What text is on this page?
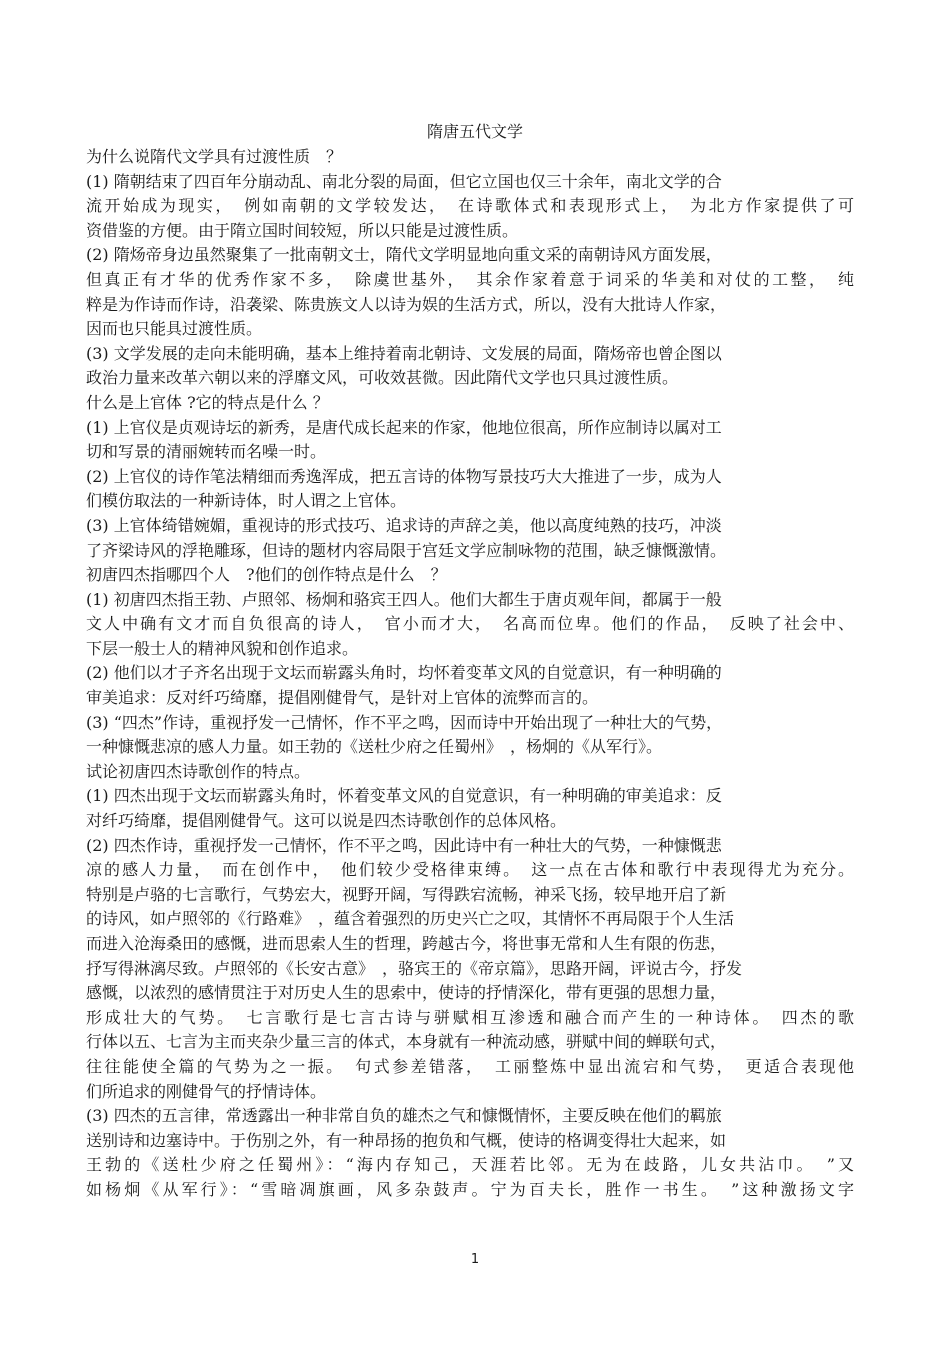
隋唐五代文学
为什么说隋代文学具有过渡性质　？
(1) 隋朝结束了四百年分崩动乱、南北分裂的局面，但它立国也仅三十余年，南北文学的合
流开始成为现实，　例如南朝的文学较发达，　在诗歌体式和表现形式上，　为北方作家提供了可
资借鉴的方便。由于隋立国时间较短，所以只能是过渡性质。
(2) 隋炀帝身边虽然聚集了一批南朝文士，隋代文学明显地向重文采的南朝诗风方面发展，
但真正有才华的优秀作家不多，　除虞世基外，　其余作家着意于词采的华美和对仗的工整，　纯
粹是为作诗而作诗，沿袭梁、陈贵族文人以诗为娱的生活方式，所以，没有大批诗人作家，
因而也只能具过渡性质。
(3) 文学发展的走向未能明确，基本上维持着南北朝诗、文发展的局面，隋炀帝也曾企图以
政治力量来改革六朝以来的浮靡文风，可收效甚微。因此隋代文学也只具过渡性质。
什么是上官体 ?它的特点是什么 ？
(1) 上官仪是贞观诗坛的新秀，是唐代成长起来的作家，他地位很高，所作应制诗以属对工
切和写景的清丽婉转而名噪一时。
(2) 上官仪的诗作笔法精细而秀逸浑成，把五言诗的体物写景技巧大大推进了一步，成为人
们模仿取法的一种新诗体，时人谓之上官体。
(3) 上官体绮错婉媚，重视诗的形式技巧、追求诗的声辞之美，他以高度纯熟的技巧，冲淡
了齐梁诗风的浮艳雕琢，但诗的题材内容局限于宫廷文学应制咏物的范围，缺乏慷慨激情。
初唐四杰指哪四个人　?他们的创作特点是什么　？
(1) 初唐四杰指王勃、卢照邻、杨炯和骆宾王四人。他们大都生于唐贞观年间，都属于一般
文人中确有文才而自负很高的诗人，　官小而才大，　名高而位卑。他们的作品，　反映了社会中、
下层一般士人的精神风貌和创作追求。
(2) 他们以才子齐名出现于文坛而崭露头角时，均怀着变革文风的自觉意识，有一种明确的
审美追求：反对纤巧绮靡，提倡刚健骨气，是针对上官体的流弊而言的。
(3) “四杰”作诗，重视抒发一己情怀，作不平之鸣，因而诗中开始出现了一种壮大的气势，
一种慷慨悲凉的感人力量。如王勃的《送杜少府之任蜀州》　，杨炯的《从军行》。
试论初唐四杰诗歌创作的特点。
(1) 四杰出现于文坛而崭露头角时，怀着变革文风的自觉意识，有一种明确的审美追求：反
对纤巧绮靡，提倡刚健骨气。这可以说是四杰诗歌创作的总体风格。
(2) 四杰作诗，重视抒发一己情怀，作不平之鸣，因此诗中有一种壮大的气势，一种慷慨悲
凉的感人力量，　而在创作中，　他们较少受格律束缚。　这一点在古体和歌行中表现得尤为充分。
特别是卢骆的七言歌行，气势宏大，视野开阔，写得跌宕流畅，神采飞扬，较早地开启了新
的诗风，如卢照邻的《行路难》　，蕴含着强烈的历史兴亡之叹，其情怀不再局限于个人生活
而进入沧海桑田的感慨，进而思索人生的哲理，跨越古今，将世事无常和人生有限的伤悲，
抒写得淋漓尽致。卢照邻的《长安古意》　，骆宾王的《帝京篇》，思路开阔，评说古今，抒发
感慨，以浓烈的感情贯注于对历史人生的思索中，使诗的抒情深化，带有更强的思想力量，
形成壮大的气势。　七言歌行是七言古诗与骈赋相互渗透和融合而产生的一种诗体。　四杰的歌
行体以五、七言为主而夹杂少量三言的体式，本身就有一种流动感，骈赋中间的蝉联句式，
往往能使全篇的气势为之一振。　句式参差错落，　工丽整炼中显出流宕和气势，　更适合表现他
们所追求的刚健骨气的抒情诗体。
(3) 四杰的五言律，常透露出一种非常自负的雄杰之气和慷慨情怀，主要反映在他们的羁旅
送别诗和边塞诗中。于伤别之外，有一种昂扬的抱负和气概，使诗的格调变得壮大起来，如
王勃的《送杜少府之任蜀州》：“海内存知己，天涯若比邻。无为在歧路，儿女共沾巾。　”又
如杨炯《从军行》：“雪暗凋旗画，风多杂鼓声。宁为百夫长，胜作一书生。　”这种激扬文字
1
